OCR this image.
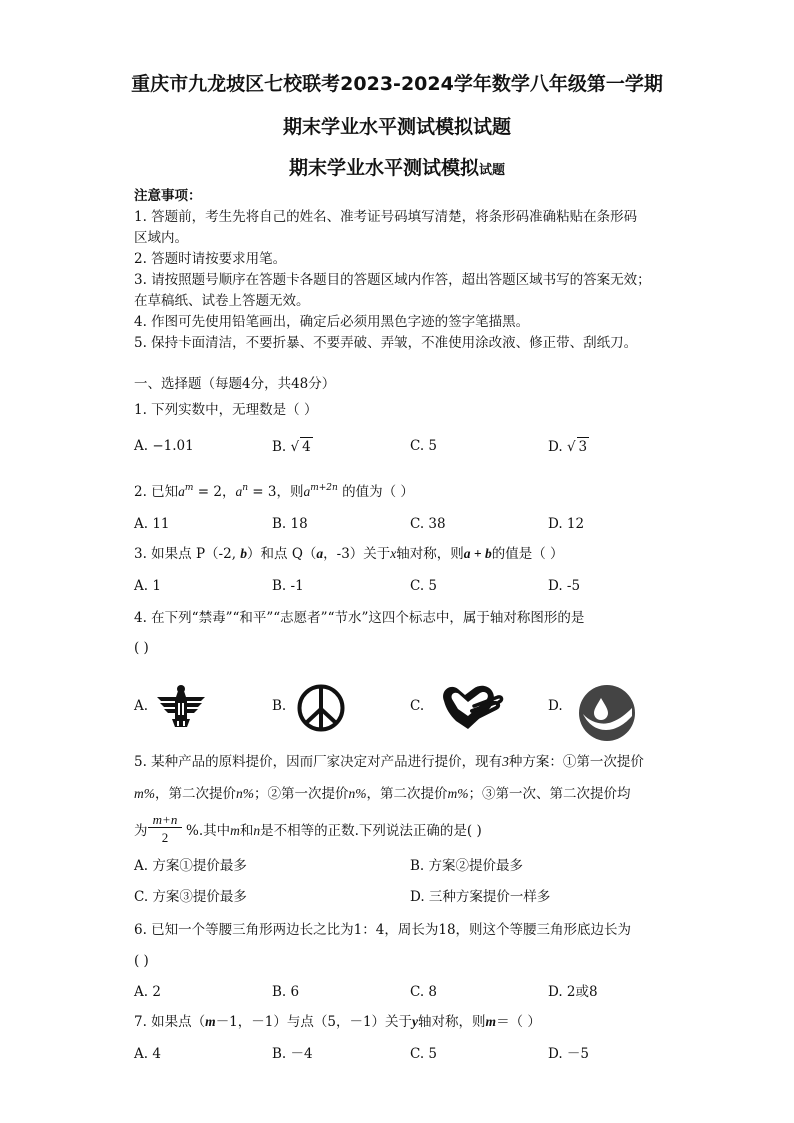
重庆市九龙坡区七校联考2023-2024学年数学八年级第一学期
期末学业水平测试模拟试题
期末学业水平测试模拟试题
注意事项：
1. 答题前，考生先将自己的姓名、准考证号码填写清楚，将条形码准确粘贴在条形码
区域内。
2. 答题时请按要求用笔。
3. 请按照题号顺序在答题卡各题目的答题区域内作答，超出答题区域书写的答案无效；
在草稿纸、试卷上答题无效。
4. 作图可先使用铅笔画出，确定后必须用黑色字迹的签字笔描黑。
5. 保持卡面清洁，不要折暴、不要弄破、弄皱，不准使用涂改液、修正带、刮纸刀。
一、选择题（每题4分，共48分）
1. 下列实数中，无理数是（ ）
A. −1.01	B. √ 4	C. 5	D. √ 3
2. 已知$a^m = 2$，$a^n = 3$，则$a^{m+2n}$ 的值为（ ）
A. 11	B. 18	C. 38	D. 12
3. 如果点 P（-2, b）和点 Q（a，-3）关于x轴对称，则a + b的值是（ ）
A. 1	B. -1	C. 5	D. -5
4. 在下列“禁毒”“和平”“志愿者”“节水”这四个标志中，属于轴对称图形的是
( )
A.	B.	C.	D.
5. 某种产品的原料提价，因而厂家决定对产品进行提价，现有3种方案：①第一次提价
m%，第二次提价n%；②第一次提价n%，第二次提价m%；③第一次、第二次提价均
为
m+n
2	%.其中m和n是不相等的正数.下列说法正确的是( )
A. 方案①提价最多	B. 方案②提价最多
C. 方案③提价最多	D. 三种方案提价一样多
6. 已知一个等腰三角形两边长之比为1：4，周长为18，则这个等腰三角形底边长为
( )
A. 2	B. 6	C. 8	D. 2或8
7. 如果点（m－1，－1）与点（5，－1）关于y轴对称，则m＝（ ）
A. 4	B. －4	C. 5	D. －5
